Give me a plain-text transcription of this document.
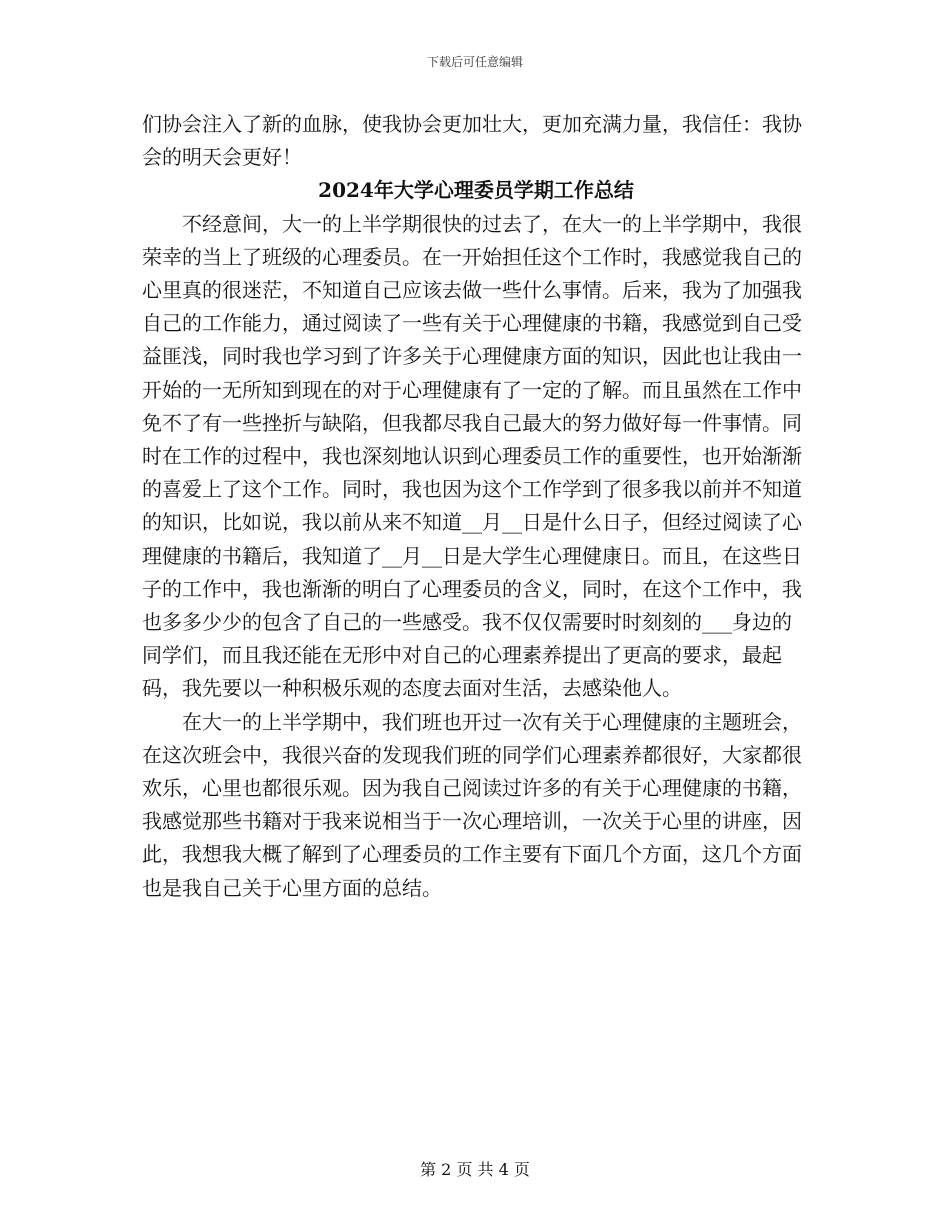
下载后可任意编辑

们协会注入了新的血脉，使我协会更加壮大，更加充满力量，我信任：我协会的明天会更好！

2024年大学心理委员学期工作总结

不经意间，大一的上半学期很快的过去了，在大一的上半学期中，我很荣幸的当上了班级的心理委员。在一开始担任这个工作时，我感觉我自己的心里真的很迷茫，不知道自己应该去做一些什么事情。后来，我为了加强我自己的工作能力，通过阅读了一些有关于心理健康的书籍，我感觉到自己受益匪浅，同时我也学习到了许多关于心理健康方面的知识，因此也让我由一开始的一无所知到现在的对于心理健康有了一定的了解。而且虽然在工作中免不了有一些挫折与缺陷，但我都尽我自己最大的努力做好每一件事情。同时在工作的过程中，我也深刻地认识到心理委员工作的重要性，也开始渐渐的喜爱上了这个工作。同时，我也因为这个工作学到了很多我以前并不知道的知识，比如说，我以前从来不知道__月__日是什么日子，但经过阅读了心理健康的书籍后，我知道了__月__日是大学生心理健康日。而且，在这些日子的工作中，我也渐渐的明白了心理委员的含义，同时，在这个工作中，我也多多少少的包含了自己的一些感受。我不仅仅需要时时刻刻的___身边的同学们，而且我还能在无形中对自己的心理素养提出了更高的要求，最起码，我先要以一种积极乐观的态度去面对生活，去感染他人。

在大一的上半学期中，我们班也开过一次有关于心理健康的主题班会，在这次班会中，我很兴奋的发现我们班的同学们心理素养都很好，大家都很欢乐，心里也都很乐观。因为我自己阅读过许多的有关于心理健康的书籍，我感觉那些书籍对于我来说相当于一次心理培训，一次关于心里的讲座，因此，我想我大概了解到了心理委员的工作主要有下面几个方面，这几个方面也是我自己关于心里方面的总结。

第 2 页 共 4 页
